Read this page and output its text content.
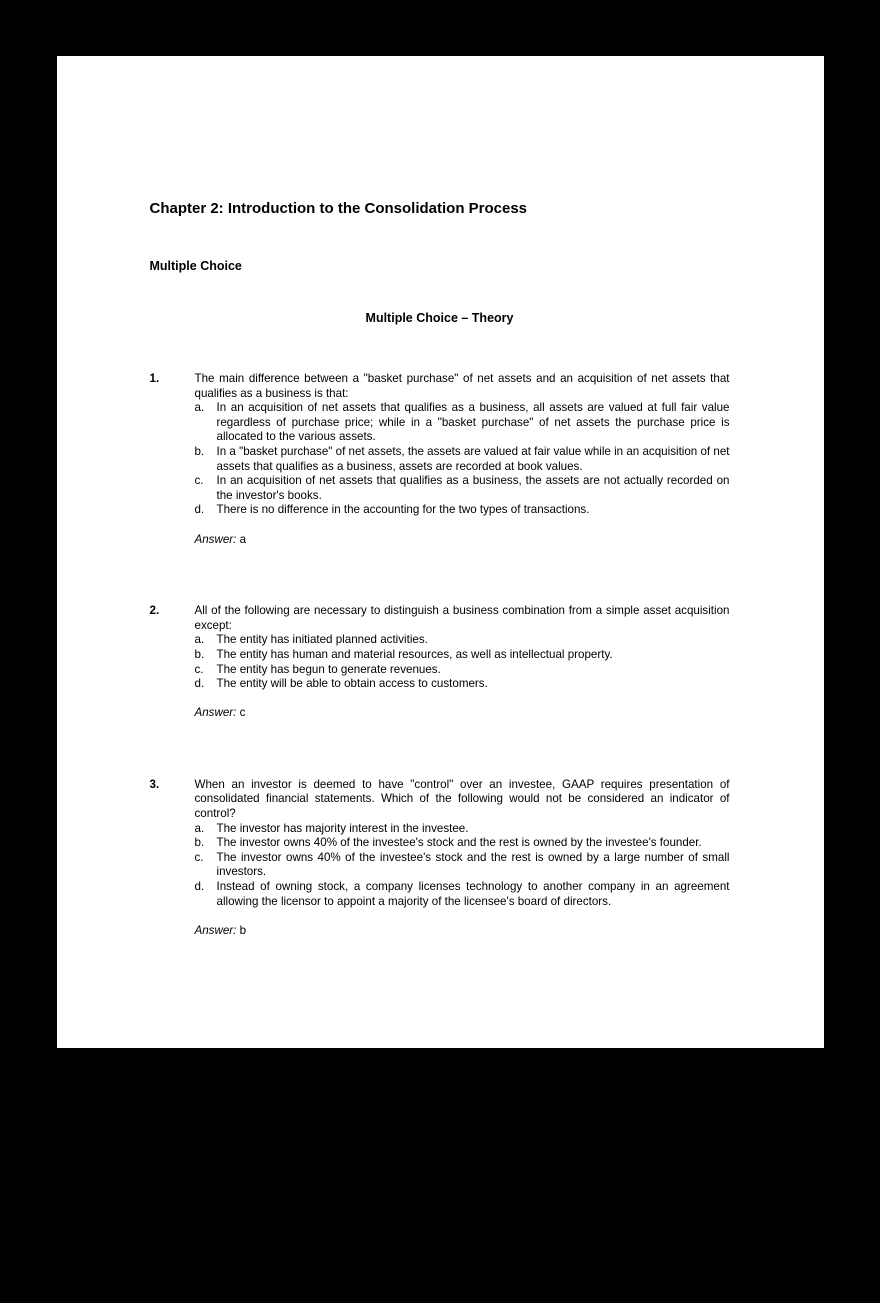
Chapter 2: Introduction to the Consolidation Process
Multiple Choice
Multiple Choice – Theory
1.	The main difference between a "basket purchase" of net assets and an acquisition of net assets that qualifies as a business is that:
a.	In an acquisition of net assets that qualifies as a business, all assets are valued at full fair value regardless of purchase price; while in a "basket purchase" of net assets the purchase price is allocated to the various assets.
b.	In a "basket purchase" of net assets, the assets are valued at fair value while in an acquisition of net assets that qualifies as a business, assets are recorded at book values.
c.	In an acquisition of net assets that qualifies as a business, the assets are not actually recorded on the investor's books.
d.	There is no difference in the accounting for the two types of transactions.
Answer: a
2.	All of the following are necessary to distinguish a business combination from a simple asset acquisition except:
a.	The entity has initiated planned activities.
b.	The entity has human and material resources, as well as intellectual property.
c.	The entity has begun to generate revenues.
d.	The entity will be able to obtain access to customers.
Answer: c
3.	When an investor is deemed to have "control" over an investee, GAAP requires presentation of consolidated financial statements. Which of the following would not be considered an indicator of control?
a.	The investor has majority interest in the investee.
b.	The investor owns 40% of the investee's stock and the rest is owned by the investee's founder.
c.	The investor owns 40% of the investee's stock and the rest is owned by a large number of small investors.
d.	Instead of owning stock, a company licenses technology to another company in an agreement allowing the licensor to appoint a majority of the licensee's board of directors.
Answer: b
